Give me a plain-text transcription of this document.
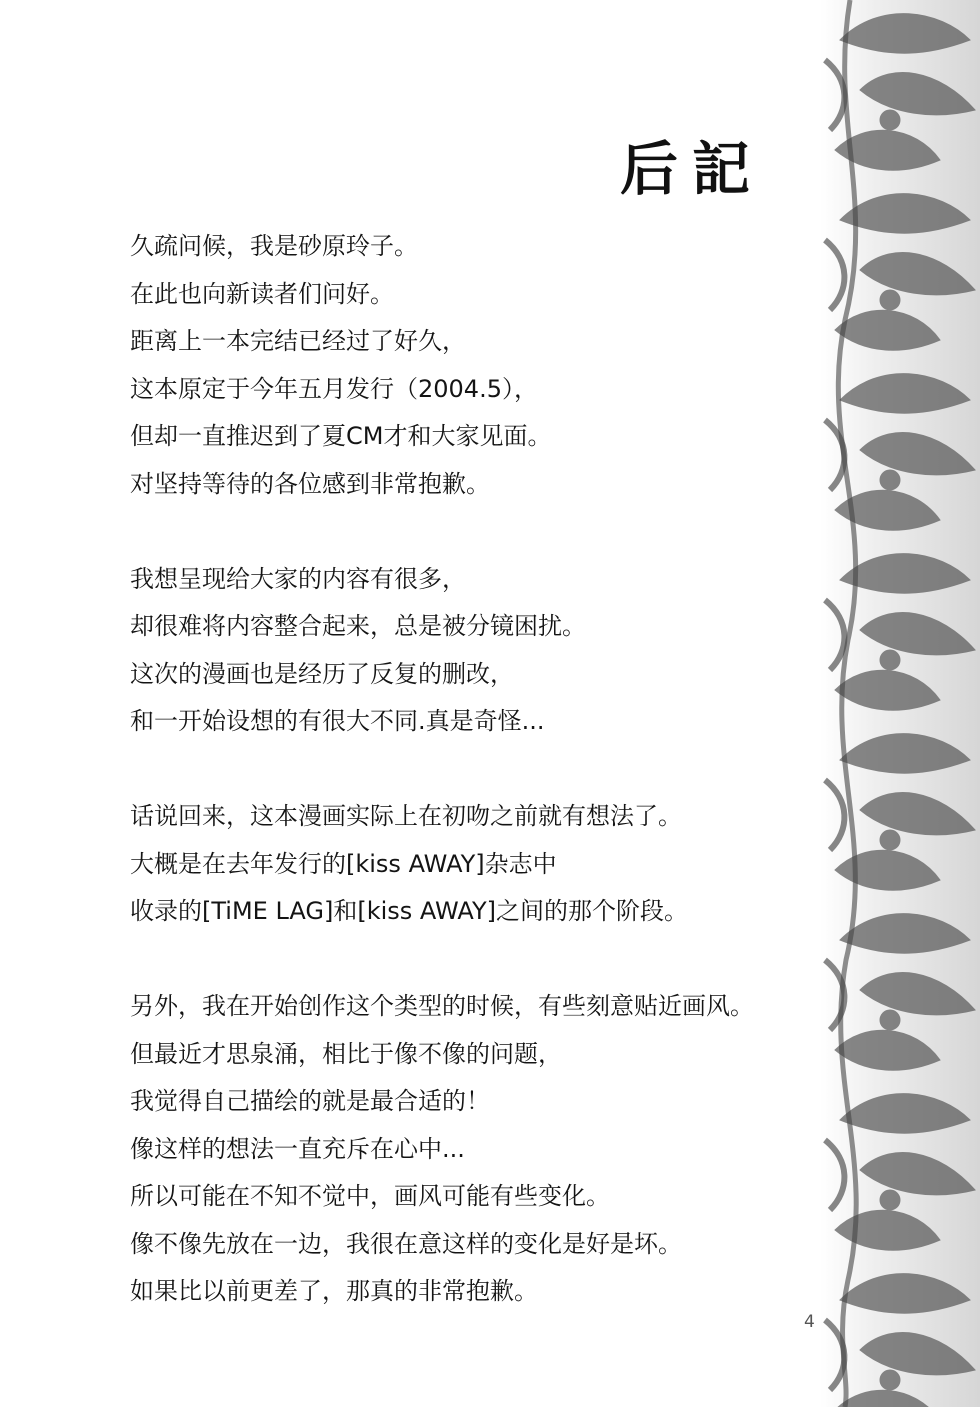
后記
久疏问候，我是砂原玲子。
在此也向新读者们问好。
距离上一本完结已经过了好久，
这本原定于今年五月发行（2004.5），
但却一直推迟到了夏CM才和大家见面。
对坚持等待的各位感到非常抱歉。
我想呈现给大家的内容有很多，
却很难将内容整合起来，总是被分镜困扰。
这次的漫画也是经历了反复的删改，
和一开始设想的有很大不同.真是奇怪...
话说回来，这本漫画实际上在初吻之前就有想法了。
大概是在去年发行的[kiss AWAY]杂志中
收录的[TiME LAG]和[kiss AWAY]之间的那个阶段。
另外，我在开始创作这个类型的时候，有些刻意贴近画风。
但最近才思泉涌，相比于像不像的问题，
我觉得自己描绘的就是最合适的！
像这样的想法一直充斥在心中...
所以可能在不知不觉中，画风可能有些变化。
像不像先放在一边，我很在意这样的变化是好是坏。
如果比以前更差了，那真的非常抱歉。
4
